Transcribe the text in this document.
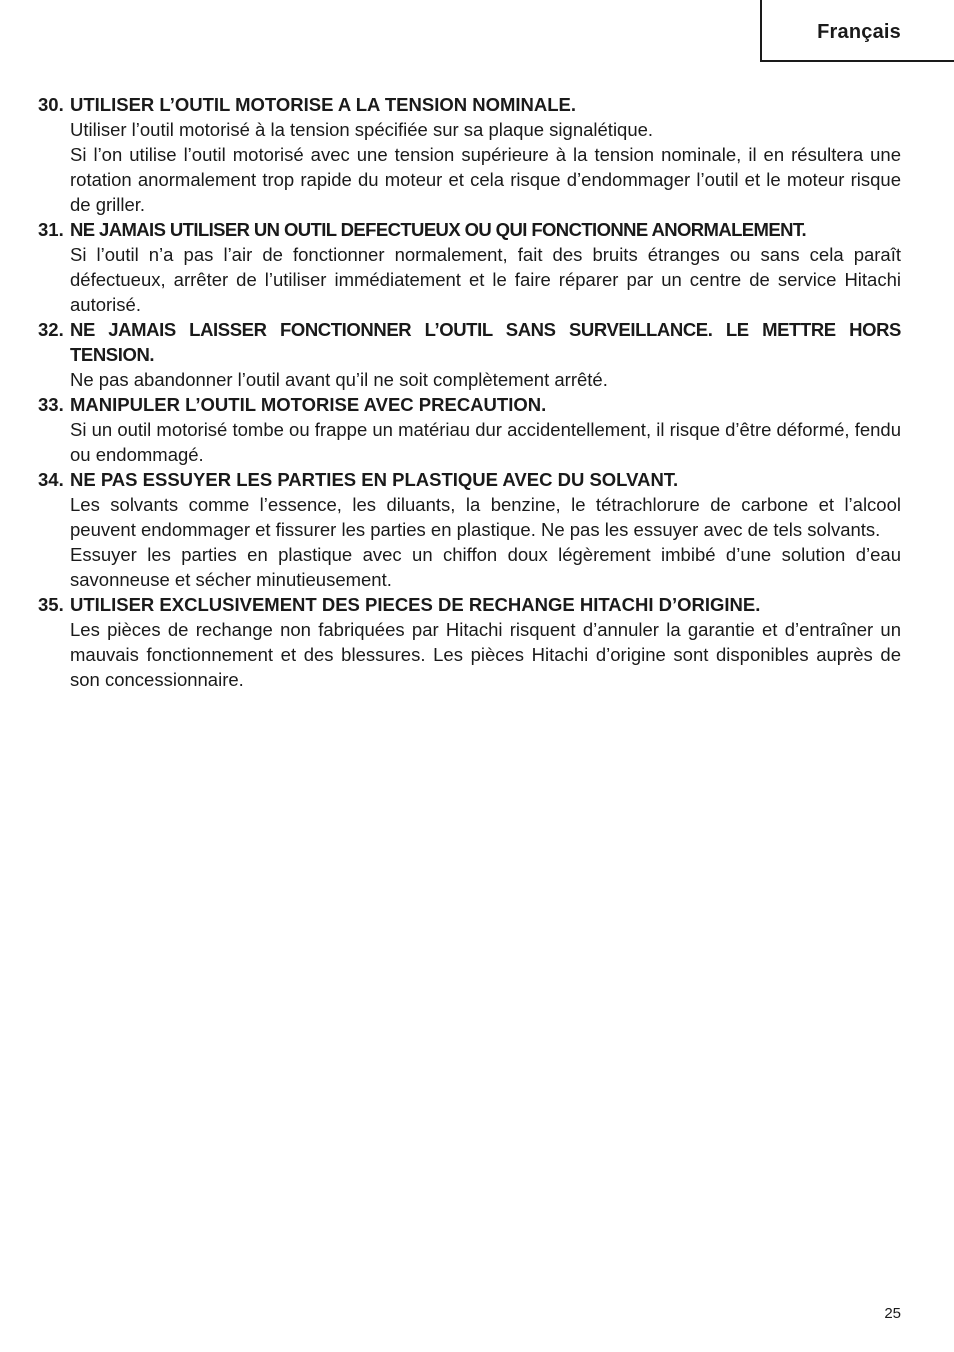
Français
30. UTILISER L’OUTIL MOTORISE A LA TENSION NOMINALE.

Utiliser l’outil motorisé à la tension spécifiée sur sa plaque signalétique.

Si l’on utilise l’outil motorisé avec une tension supérieure à la tension nominale, il en résultera une rotation anormalement trop rapide du moteur et cela risque d’endommager l’outil et le moteur risque de griller.

31. NE JAMAIS UTILISER UN OUTIL DEFECTUEUX OU QUI FONCTIONNE ANORMALEMENT.

Si l’outil n’a pas l’air de fonctionner normalement, fait des bruits étranges ou sans cela paraît défectueux, arrêter de l’utiliser immédiatement et le faire réparer par un centre de service Hitachi autorisé.

32. NE JAMAIS LAISSER FONCTIONNER L’OUTIL SANS SURVEILLANCE. LE METTRE HORS TENSION.

Ne pas abandonner l’outil avant qu’il ne soit complètement arrêté.

33. MANIPULER L’OUTIL MOTORISE AVEC PRECAUTION.

Si un outil motorisé tombe ou frappe un matériau dur accidentellement, il risque d’être déformé, fendu ou endommagé.

34. NE PAS ESSUYER LES PARTIES EN PLASTIQUE AVEC DU SOLVANT.

Les solvants comme l’essence, les diluants, la benzine, le tétrachlorure de carbone et l’alcool peuvent endommager et fissurer les parties en plastique. Ne pas les essuyer avec de tels solvants.

Essuyer les parties en plastique avec un chiffon doux légèrement imbibé d’une solution d’eau savonneuse et sécher minutieusement.

35. UTILISER EXCLUSIVEMENT DES PIECES DE RECHANGE HITACHI D’ORIGINE.

Les pièces de rechange non fabriquées par Hitachi risquent d’annuler la garantie et d’entraîner un mauvais fonctionnement et des blessures. Les pièces Hitachi d’origine sont disponibles auprès de son concessionnaire.

25
